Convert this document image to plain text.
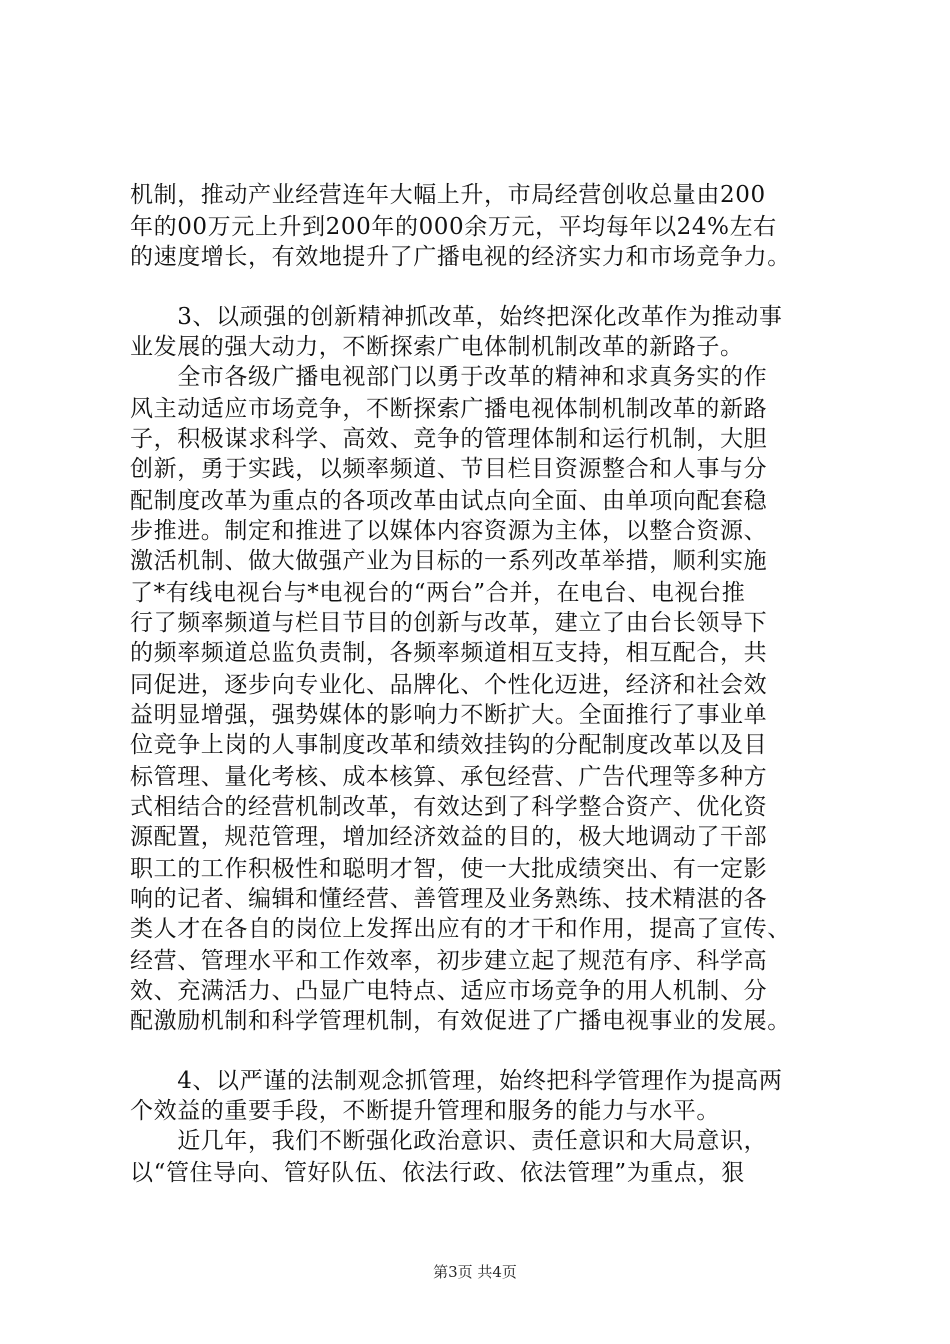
机制，推动产业经营连年大幅上升，市局经营创收总量由200
年的00万元上升到200年的000余万元，平均每年以24%左右
的速度增长，有效地提升了广播电视的经济实力和市场竞争力。
　　3、以顽强的创新精神抓改革，始终把深化改革作为推动事
业发展的强大动力，不断探索广电体制机制改革的新路子。
　　全市各级广播电视部门以勇于改革的精神和求真务实的作
风主动适应市场竞争，不断探索广播电视体制机制改革的新路
子，积极谋求科学、高效、竞争的管理体制和运行机制，大胆
创新，勇于实践，以频率频道、节目栏目资源整合和人事与分
配制度改革为重点的各项改革由试点向全面、由单项向配套稳
步推进。制定和推进了以媒体内容资源为主体，以整合资源、
激活机制、做大做强产业为目标的一系列改革举措，顺利实施
了*有线电视台与*电视台的“两台”合并，在电台、电视台推
行了频率频道与栏目节目的创新与改革，建立了由台长领导下
的频率频道总监负责制，各频率频道相互支持，相互配合，共
同促进，逐步向专业化、品牌化、个性化迈进，经济和社会效
益明显增强，强势媒体的影响力不断扩大。全面推行了事业单
位竞争上岗的人事制度改革和绩效挂钩的分配制度改革以及目
标管理、量化考核、成本核算、承包经营、广告代理等多种方
式相结合的经营机制改革，有效达到了科学整合资产、优化资
源配置，规范管理，增加经济效益的目的，极大地调动了干部
职工的工作积极性和聪明才智，使一大批成绩突出、有一定影
响的记者、编辑和懂经营、善管理及业务熟练、技术精湛的各
类人才在各自的岗位上发挥出应有的才干和作用，提高了宣传、
经营、管理水平和工作效率，初步建立起了规范有序、科学高
效、充满活力、凸显广电特点、适应市场竞争的用人机制、分
配激励机制和科学管理机制，有效促进了广播电视事业的发展。
　　4、以严谨的法制观念抓管理，始终把科学管理作为提高两
个效益的重要手段，不断提升管理和服务的能力与水平。
　　近几年，我们不断强化政治意识、责任意识和大局意识，
以“管住导向、管好队伍、依法行政、依法管理”为重点，狠
第3页 共4页
